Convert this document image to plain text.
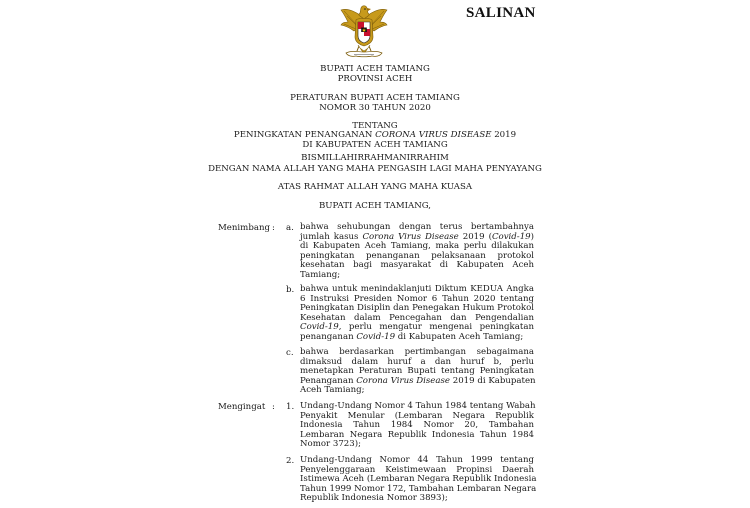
SALINAN
BUPATI ACEH TAMIANG
PROVINSI ACEH
PERATURAN BUPATI ACEH TAMIANG
NOMOR 30 TAHUN 2020
TENTANG
PENINGKATAN PENANGANAN CORONA VIRUS DISEASE 2019
DI KABUPATEN ACEH TAMIANG
BISMILLAHIRRAHMANIRRAHIM
DENGAN NAMA ALLAH YANG MAHA PENGASIH LAGI MAHA PENYAYANG
ATAS RAHMAT ALLAH YANG MAHA KUASA
BUPATI ACEH TAMIANG,
Menimbang : a. bahwa sehubungan dengan terus bertambahnya
jumlah kasus Corona Virus Disease 2019 (Covid-19)
di Kabupaten Aceh Tamiang, maka perlu dilakukan
peningkatan penanganan pelaksanaan protokol
kesehatan bagi masyarakat di Kabupaten Aceh
Tamiang;
b. bahwa untuk menindaklanjuti Diktum KEDUA Angka
6 Instruksi Presiden Nomor 6 Tahun 2020 tentang
Peningkatan Disiplin dan Penegakan Hukum Protokol
Kesehatan dalam Pencegahan dan Pengendalian
Covid-19, perlu mengatur mengenai peningkatan
penanganan Covid-19 di Kabupaten Aceh Tamiang;
c. bahwa berdasarkan pertimbangan sebagaimana
dimaksud dalam huruf a dan huruf b, perlu
menetapkan Peraturan Bupati tentang Peningkatan
Penanganan Corona Virus Disease 2019 di Kabupaten
Aceh Tamiang;
Mengingat : 1. Undang-Undang Nomor 4 Tahun 1984 tentang Wabah
Penyakit Menular (Lembaran Negara Republik
Indonesia Tahun 1984 Nomor 20, Tambahan
Lembaran Negara Republik Indonesia Tahun 1984
Nomor 3723);
2. Undang-Undang Nomor 44 Tahun 1999 tentang
Penyelenggaraan Keistimewaan Propinsi Daerah
Istimewa Aceh (Lembaran Negara Republik Indonesia
Tahun 1999 Nomor 172, Tambahan Lembaran Negara
Republik Indonesia Nomor 3893);
